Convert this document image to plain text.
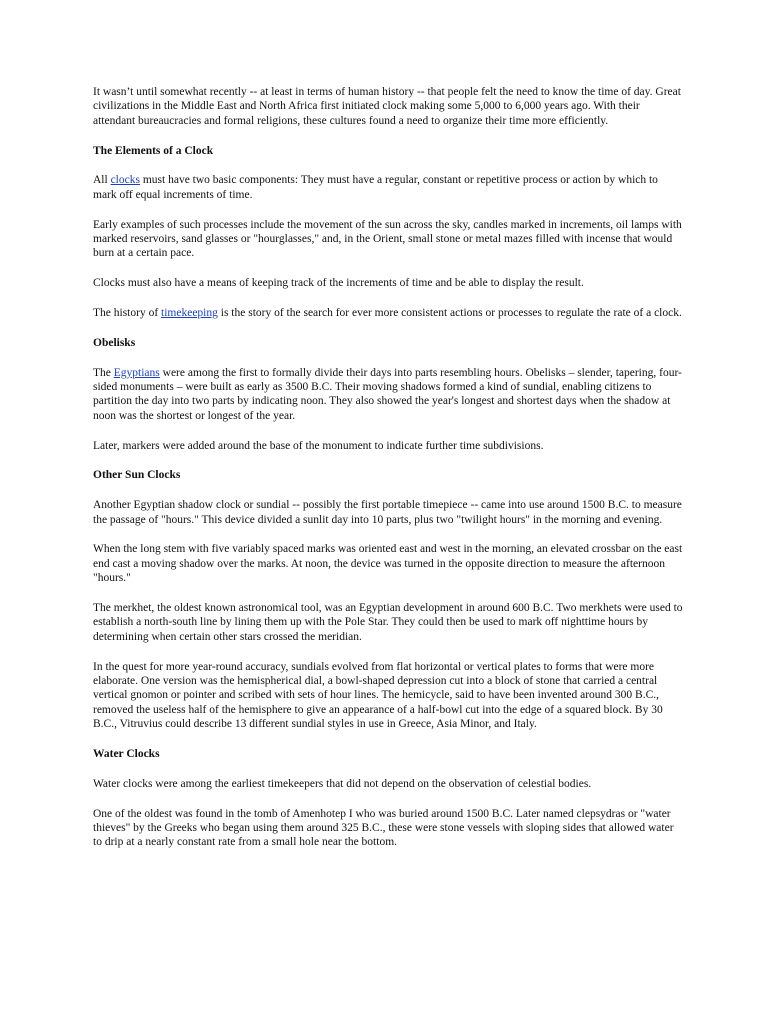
It wasn’t until somewhat recently -- at least in terms of human history -- that people felt the need to know the time of day. Great civilizations in the Middle East and North Africa first initiated clock making some 5,000 to 6,000 years ago. With their attendant bureaucracies and formal religions, these cultures found a need to organize their time more efficiently.

The Elements of a Clock

All clocks must have two basic components: They must have a regular, constant or repetitive process or action by which to mark off equal increments of time.

Early examples of such processes include the movement of the sun across the sky, candles marked in increments, oil lamps with marked reservoirs, sand glasses or "hourglasses," and, in the Orient, small stone or metal mazes filled with incense that would burn at a certain pace.

Clocks must also have a means of keeping track of the increments of time and be able to display the result.

The history of timekeeping is the story of the search for ever more consistent actions or processes to regulate the rate of a clock.

Obelisks

The Egyptians were among the first to formally divide their days into parts resembling hours. Obelisks – slender, tapering, four-sided monuments – were built as early as 3500 B.C. Their moving shadows formed a kind of sundial, enabling citizens to partition the day into two parts by indicating noon. They also showed the year's longest and shortest days when the shadow at noon was the shortest or longest of the year.

Later, markers were added around the base of the monument to indicate further time subdivisions.

Other Sun Clocks

Another Egyptian shadow clock or sundial -- possibly the first portable timepiece -- came into use around 1500 B.C. to measure the passage of "hours." This device divided a sunlit day into 10 parts, plus two "twilight hours" in the morning and evening.

When the long stem with five variably spaced marks was oriented east and west in the morning, an elevated crossbar on the east end cast a moving shadow over the marks. At noon, the device was turned in the opposite direction to measure the afternoon "hours."

The merkhet, the oldest known astronomical tool, was an Egyptian development in around 600 B.C. Two merkhets were used to establish a north-south line by lining them up with the Pole Star. They could then be used to mark off nighttime hours by determining when certain other stars crossed the meridian.

In the quest for more year-round accuracy, sundials evolved from flat horizontal or vertical plates to forms that were more elaborate. One version was the hemispherical dial, a bowl-shaped depression cut into a block of stone that carried a central vertical gnomon or pointer and scribed with sets of hour lines. The hemicycle, said to have been invented around 300 B.C., removed the useless half of the hemisphere to give an appearance of a half-bowl cut into the edge of a squared block. By 30 B.C., Vitruvius could describe 13 different sundial styles in use in Greece, Asia Minor, and Italy.

Water Clocks

Water clocks were among the earliest timekeepers that did not depend on the observation of celestial bodies.

One of the oldest was found in the tomb of Amenhotep I who was buried around 1500 B.C. Later named clepsydras or "water thieves" by the Greeks who began using them around 325 B.C., these were stone vessels with sloping sides that allowed water to drip at a nearly constant rate from a small hole near the bottom.
